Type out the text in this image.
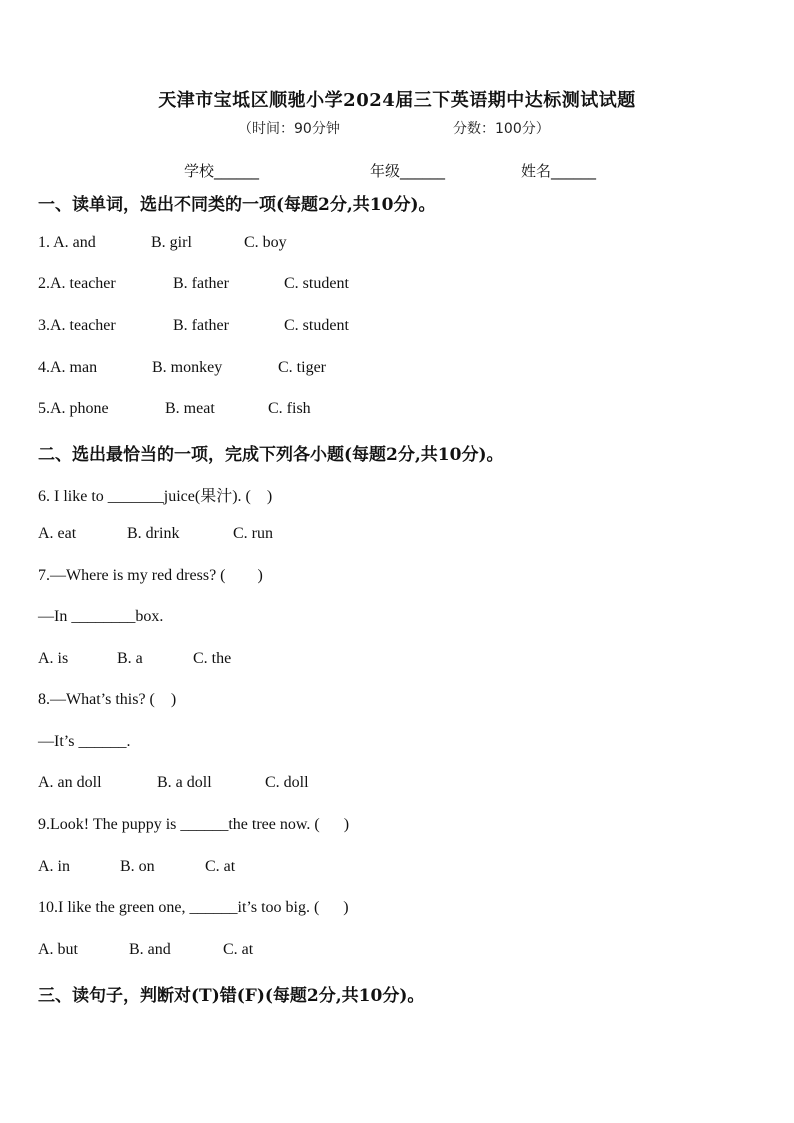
天津市宝坻区顺驰小学2024届三下英语期中达标测试试题
（时间：90分钟	分数：100分）
学校______	年级______	姓名______
一、读单词，选出不同类的一项(每题2分,共10分)。
1. A. and	B. girl	C. boy
2.A. teacher	B. father	C. student
3.A. teacher	B. father	C. student
4.A. man	B. monkey	C. tiger
5.A. phone	B. meat	C. fish
二、选出最恰当的一项，完成下列各小题(每题2分,共10分)。
6. I like to _______juice(果汁). (    )
A. eat	B. drink	C. run
7.—Where is my red dress? (        )
—In ________box.
A. is	B. a	C. the
8.—What’s this? (    )
—It’s ______.
A. an doll	B. a doll	C. doll
9.Look! The puppy is ______the tree now. (      )
A. in	B. on	C. at
10.I like the green one, ______it’s too big. (      )
A. but	B. and	C. at
三、读句子，判断对(T)错(F)(每题2分,共10分)。
